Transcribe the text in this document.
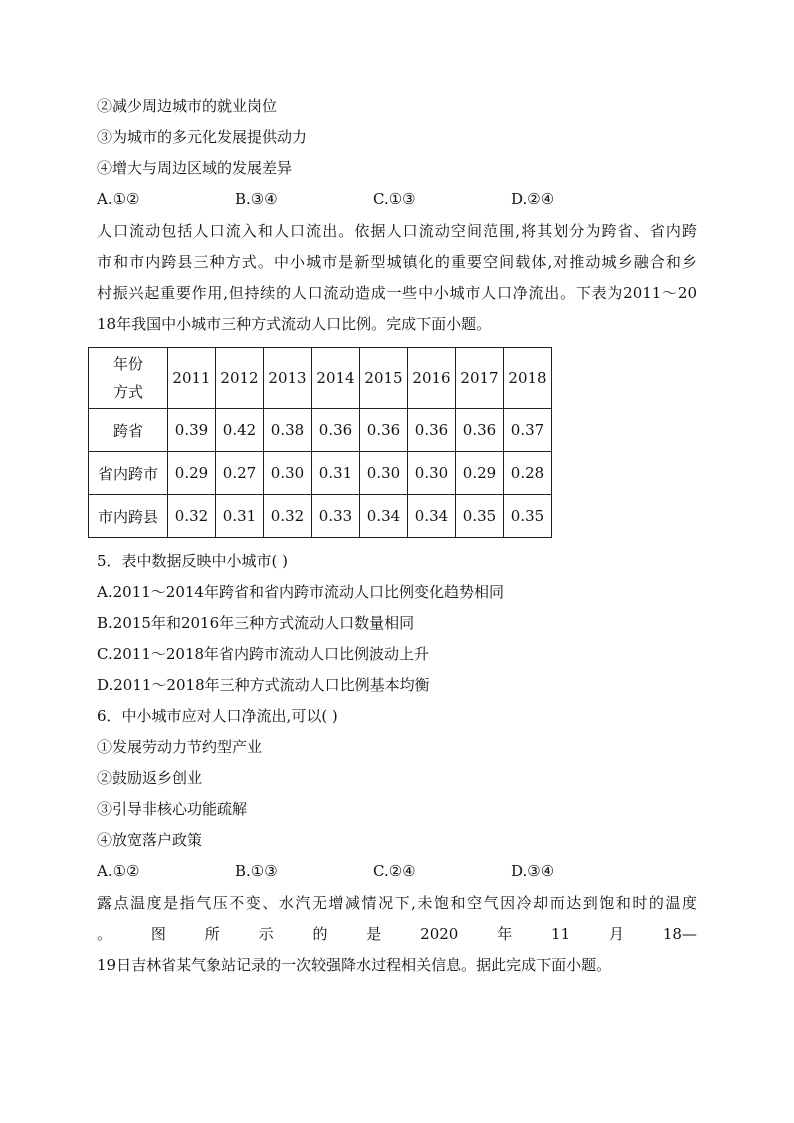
②减少周边城市的就业岗位
③为城市的多元化发展提供动力
④增大与周边区域的发展差异
A.①②	B.③④	C.①③	D.②④
人口流动包括人口流入和人口流出。依据人口流动空间范围,将其划分为跨省、省内跨
市和市内跨县三种方式。中小城市是新型城镇化的重要空间载体,对推动城乡融合和乡
村振兴起重要作用,但持续的人口流动造成一些中小城市人口净流出。下表为2011～20
18年我国中小城市三种方式流动人口比例。完成下面小题。
年份
方式	2011	2012	2013	2014	2015	2016	2017	2018
跨省	0.39	0.42	0.38	0.36	0.36	0.36	0.36	0.37
省内跨市	0.29	0.27	0.30	0.31	0.30	0.30	0.29	0.28
市内跨县	0.32	0.31	0.32	0.33	0.34	0.34	0.35	0.35
5．表中数据反映中小城市( )
A.2011～2014年跨省和省内跨市流动人口比例变化趋势相同
B.2015年和2016年三种方式流动人口数量相同
C.2011～2018年省内跨市流动人口比例波动上升
D.2011～2018年三种方式流动人口比例基本均衡
6．中小城市应对人口净流出,可以( )
①发展劳动力节约型产业
②鼓励返乡创业
③引导非核心功能疏解
④放宽落户政策
A.①②	B.①③	C.②④	D.③④
露点温度是指气压不变、水汽无增减情况下,未饱和空气因冷却而达到饱和时的温度
。	图	所	示	的	是	2020	年	11	月	18—
19日吉林省某气象站记录的一次较强降水过程相关信息。据此完成下面小题。
